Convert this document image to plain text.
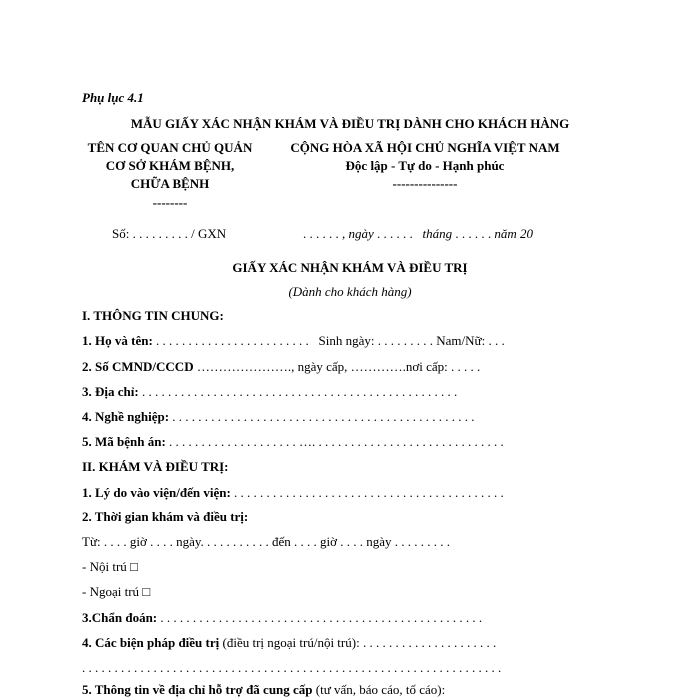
Phụ lục 4.1
MẪU GIẤY XÁC NHẬN KHÁM VÀ ĐIỀU TRỊ DÀNH CHO KHÁCH HÀNG
TÊN CƠ QUAN CHỦ QUẢN
CƠ SỞ KHÁM BỆNH,
CHỮA BỆNH
--------
CỘNG HÒA XÃ HỘI CHỦ NGHĨA VIỆT NAM
Độc lập - Tự do - Hạnh phúc
---------------
Số: . . . . . . . . . / GXN	. . . . . . , ngày . . . . . . tháng . . . . . . năm 20
GIẤY XÁC NHẬN KHÁM VÀ ĐIỀU TRỊ
(Dành cho khách hàng)
I. THÔNG TIN CHUNG:
1. Họ và tên: . . . . . . . . . . . . . . . . . . . . . . . . Sinh ngày: . . . . . . . . . Nam/Nữ: . . .
2. Số CMND/CCCD …………………., ngày cấp, ………….nơi cấp: . . . . .
3. Địa chỉ: . . . . . . . . . . . . . . . . . . . . . . . . . . . . . . . . . . . . . . . . . . . . . . . . .
4. Nghề nghiệp: . . . . . . . . . . . . . . . . . . . . . . . . . . . . . . . . . . . . . . . . . . . . . . .
5. Mã bệnh án: . . . . . . . . . . . . . . . . . . . . …. . . . . . . . . . . . . . . . . . . . . . . . . . . . . .
II. KHÁM VÀ ĐIỀU TRỊ:
1. Lý do vào viện/đến viện: . . . . . . . . . . . . . . . . . . . . . . . . . . . . . . . . . . . . . . . . . .
2. Thời gian khám và điều trị:
Từ: . . . . giờ . . . . ngày. . . . . . . . . . . đến . . . . giờ . . . . ngày . . . . . . . . .
- Nội trú □
- Ngoại trú □
3.Chẩn đoán: . . . . . . . . . . . . . . . . . . . . . . . . . . . . . . . . . . . . . . . . . . . . . . . . . .
4. Các biện pháp điều trị (điều trị ngoại trú/nội trú): . . . . . . . . . . . . . . . . . . . . .
. . . . . . . . . . . . . . . . . . . . . . . . . . . . . . . . . . . . . . . . . . . . . . . . . . . . . . . . . . . . . . . . .
5. Thông tin về địa chỉ hỗ trợ đã cung cấp (tư vấn, báo cáo, tố cáo):
